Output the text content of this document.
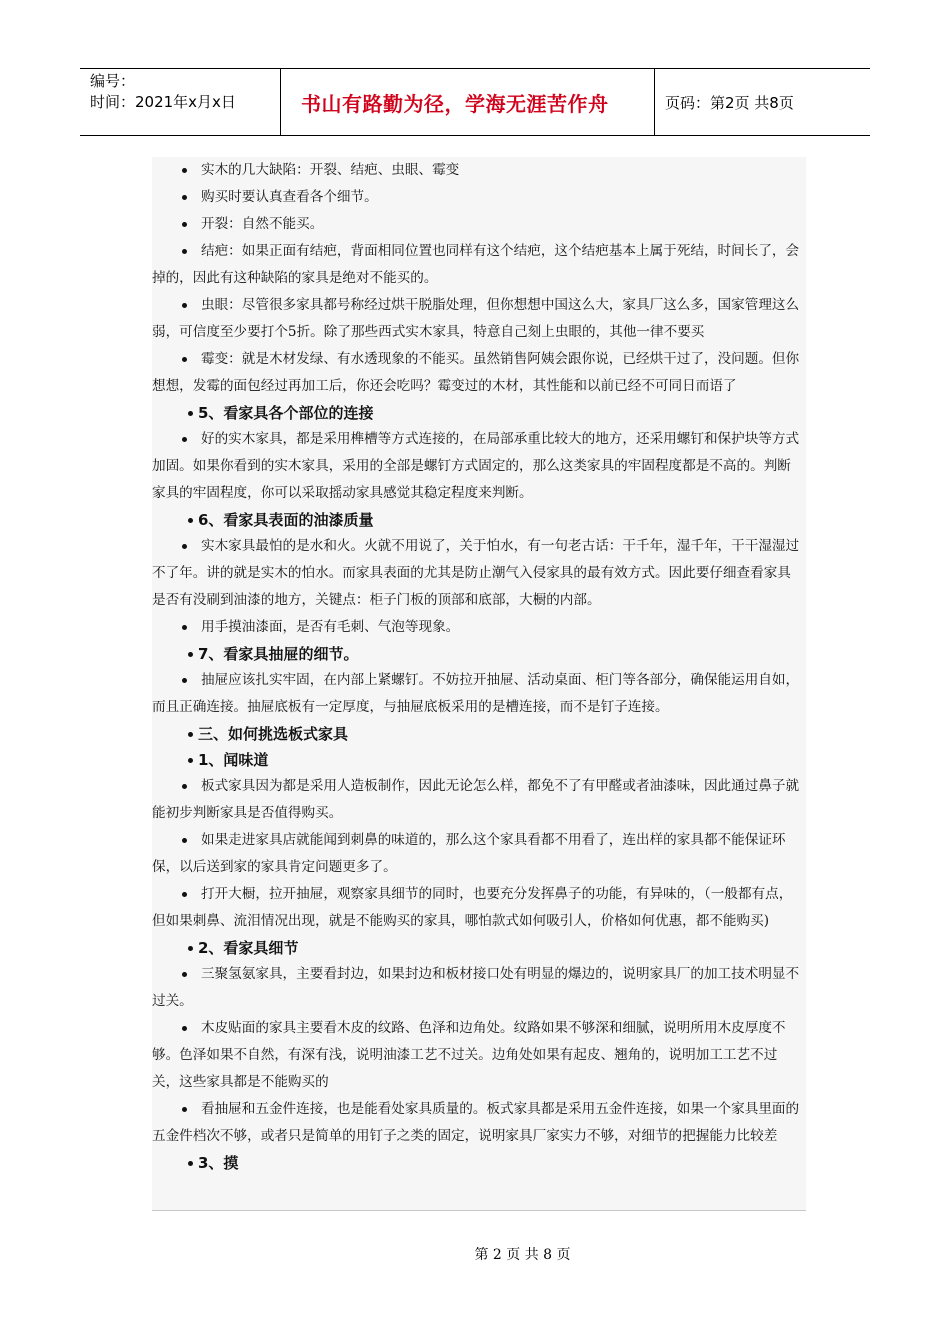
编号：
时间：2021年x月x日	书山有路勤为径，学海无涯苦作舟	页码：第2页 共8页

实木的几大缺陷：开裂、结疤、虫眼、霉变

购买时要认真查看各个细节。

开裂：自然不能买。

结疤：如果正面有结疤，背面相同位置也同样有这个结疤，这个结疤基本上属于死结，时间长了，会掉的，因此有这种缺陷的家具是绝对不能买的。

虫眼：尽管很多家具都号称经过烘干脱脂处理，但你想想中国这么大，家具厂这么多，国家管理这么弱，可信度至少要打个5折。除了那些西式实木家具，特意自己刻上虫眼的，其他一律不要买

霉变：就是木材发绿、有水透现象的不能买。虽然销售阿姨会跟你说，已经烘干过了，没问题。但你想想，发霉的面包经过再加工后，你还会吃吗？霉变过的木材，其性能和以前已经不可同日而语了

5、看家具各个部位的连接

好的实木家具，都是采用榫槽等方式连接的，在局部承重比较大的地方，还采用螺钉和保护块等方式加固。如果你看到的实木家具，采用的全部是螺钉方式固定的，那么这类家具的牢固程度都是不高的。判断家具的牢固程度，你可以采取摇动家具感觉其稳定程度来判断。

6、看家具表面的油漆质量

实木家具最怕的是水和火。火就不用说了，关于怕水，有一句老古话：干千年，湿千年，干干湿湿过不了年。讲的就是实木的怕水。而家具表面的尤其是防止潮气入侵家具的最有效方式。因此要仔细查看家具是否有没刷到油漆的地方，关键点：柜子门板的顶部和底部，大橱的内部。

用手摸油漆面，是否有毛刺、气泡等现象。

7、看家具抽屉的细节。

抽屉应该扎实牢固，在内部上紧螺钉。不妨拉开抽屉、活动桌面、柜门等各部分，确保能运用自如，而且正确连接。抽屉底板有一定厚度，与抽屉底板采用的是槽连接，而不是钉子连接。

三、如何挑选板式家具

1、闻味道

板式家具因为都是采用人造板制作，因此无论怎么样，都免不了有甲醛或者油漆味，因此通过鼻子就能初步判断家具是否值得购买。

如果走进家具店就能闻到刺鼻的味道的，那么这个家具看都不用看了，连出样的家具都不能保证环保，以后送到家的家具肯定问题更多了。

打开大橱，拉开抽屉，观察家具细节的同时，也要充分发挥鼻子的功能，有异味的，（一般都有点，但如果刺鼻、流泪情况出现，就是不能购买的家具，哪怕款式如何吸引人，价格如何优惠，都不能购买)

2、看家具细节

三聚氢氨家具，主要看封边，如果封边和板材接口处有明显的爆边的，说明家具厂的加工技术明显不过关。

木皮贴面的家具主要看木皮的纹路、色泽和边角处。纹路如果不够深和细腻，说明所用木皮厚度不够。色泽如果不自然，有深有浅，说明油漆工艺不过关。边角处如果有起皮、翘角的，说明加工工艺不过关，这些家具都是不能购买的

看抽屉和五金件连接，也是能看处家具质量的。板式家具都是采用五金件连接，如果一个家具里面的五金件档次不够，或者只是简单的用钉子之类的固定，说明家具厂家实力不够，对细节的把握能力比较差

3、摸

第 2 页 共 8 页
